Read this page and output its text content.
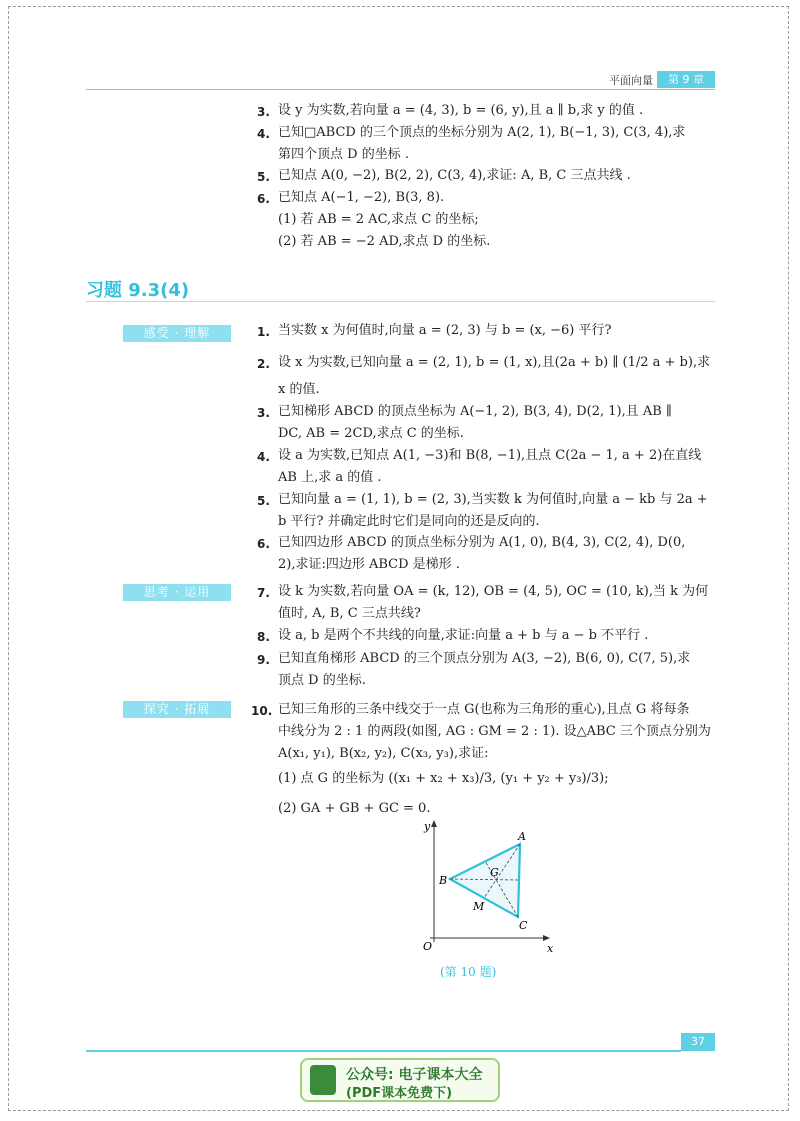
平面向量	第 9 章
3. 设 y 为实数,若向量 a = (4, 3), b = (6, y),且 a ∥ b,求 y 的值 .
4. 已知□ABCD 的三个顶点的坐标分别为 A(2, 1), B(−1, 3), C(3, 4),求
第四个顶点 D 的坐标 .
5. 已知点 A(0, −2), B(2, 2), C(3, 4),求证: A, B, C 三点共线 .
6. 已知点 A(−1, −2), B(3, 8).
(1) 若 AB = 2 AC,求点 C 的坐标;
(2) 若 AB = −2 AD,求点 D 的坐标.
习题 9.3(4)
感受 · 理解
思考 · 运用
探究 · 拓展
1. 当实数 x 为何值时,向量 a = (2, 3) 与 b = (x, −6) 平行?
2. 设 x 为实数,已知向量 a = (2, 1), b = (1, x),且(2a + b) ∥ (1/2 a + b),求
x 的值.
3. 已知梯形 ABCD 的顶点坐标为 A(−1, 2), B(3, 4), D(2, 1),且 AB ∥
DC, AB = 2CD,求点 C 的坐标.
4. 设 a 为实数,已知点 A(1, −3)和 B(8, −1),且点 C(2a − 1, a + 2)在直线
AB 上,求 a 的值 .
5. 已知向量 a = (1, 1), b = (2, 3),当实数 k 为何值时,向量 a − kb 与 2a +
b 平行? 并确定此时它们是同向的还是反向的.
6. 已知四边形 ABCD 的顶点坐标分别为 A(1, 0), B(4, 3), C(2, 4), D(0,
2),求证:四边形 ABCD 是梯形 .
7. 设 k 为实数,若向量 OA = (k, 12), OB = (4, 5), OC = (10, k),当 k 为何
值时, A, B, C 三点共线?
8. 设 a, b 是两个不共线的向量,求证:向量 a + b 与 a − b 不平行 .
9. 已知直角梯形 ABCD 的三个顶点分别为 A(3, −2), B(6, 0), C(7, 5),求
顶点 D 的坐标.
10. 已知三角形的三条中线交于一点 G(也称为三角形的重心),且点 G 将每条
中线分为 2 : 1 的两段(如图, AG : GM = 2 : 1). 设△ABC 三个顶点分别为
A(x₁, y₁), B(x₂, y₂), C(x₃, y₃),求证:
(1) 点 G 的坐标为 ((x₁ + x₂ + x₃)/3, (y₁ + y₂ + y₃)/3);
(2) GA + GB + GC = 0.
y
x
O
A
B
C
G
M
(第 10 题)
37
公众号: 电子课本大全
(PDF课本免费下)
